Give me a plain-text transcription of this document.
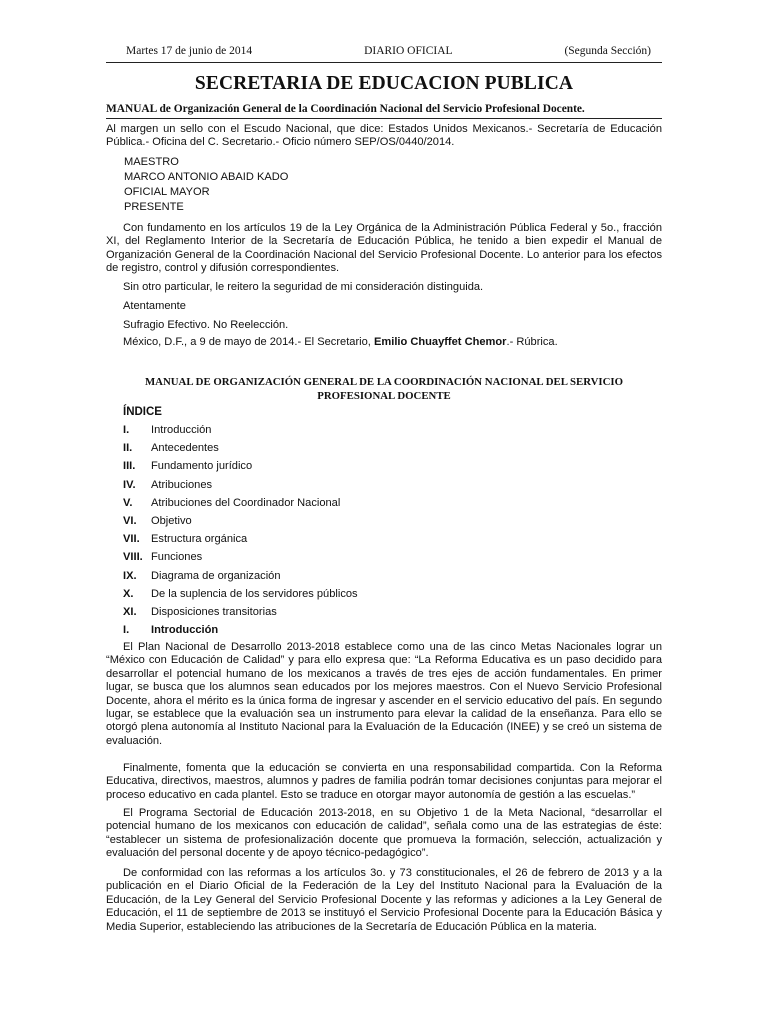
Martes 17 de junio de 2014	DIARIO OFICIAL	(Segunda Sección)
SECRETARIA DE EDUCACION PUBLICA
MANUAL de Organización General de la Coordinación Nacional del Servicio Profesional Docente.
Al margen un sello con el Escudo Nacional, que dice: Estados Unidos Mexicanos.- Secretaría de Educación Pública.- Oficina del C. Secretario.- Oficio número SEP/OS/0440/2014.
MAESTRO
MARCO ANTONIO ABAID KADO
OFICIAL MAYOR
PRESENTE
Con fundamento en los artículos 19 de la Ley Orgánica de la Administración Pública Federal y 5o., fracción XI, del Reglamento Interior de la Secretaría de Educación Pública, he tenido a bien expedir el Manual de Organización General de la Coordinación Nacional del Servicio Profesional Docente. Lo anterior para los efectos de registro, control y difusión correspondientes.
Sin otro particular, le reitero la seguridad de mi consideración distinguida.
Atentamente
Sufragio Efectivo. No Reelección.
México, D.F., a 9 de mayo de 2014.- El Secretario, Emilio Chuayffet Chemor.- Rúbrica.
MANUAL DE ORGANIZACIÓN GENERAL DE LA COORDINACIÓN NACIONAL DEL SERVICIO PROFESIONAL DOCENTE
ÍNDICE
I.	Introducción
II.	Antecedentes
III.	Fundamento jurídico
IV.	Atribuciones
V.	Atribuciones del Coordinador Nacional
VI.	Objetivo
VII.	Estructura orgánica
VIII. Funciones
IX.	Diagrama de organización
X.	De la suplencia de los servidores públicos
XI.	Disposiciones transitorias
I.	Introducción
El Plan Nacional de Desarrollo 2013-2018 establece como una de las cinco Metas Nacionales lograr un “México con Educación de Calidad” y para ello expresa que: “La Reforma Educativa es un paso decidido para desarrollar el potencial humano de los mexicanos a través de tres ejes de acción fundamentales. En primer lugar, se busca que los alumnos sean educados por los mejores maestros. Con el Nuevo Servicio Profesional Docente, ahora el mérito es la única forma de ingresar y ascender en el servicio educativo del país. En segundo lugar, se establece que la evaluación sea un instrumento para elevar la calidad de la enseñanza. Para ello se otorgó plena autonomía al Instituto Nacional para la Evaluación de la Educación (INEE) y se creó un sistema de evaluación.
Finalmente, fomenta que la educación se convierta en una responsabilidad compartida. Con la Reforma Educativa, directivos, maestros, alumnos y padres de familia podrán tomar decisiones conjuntas para mejorar el proceso educativo en cada plantel. Esto se traduce en otorgar mayor autonomía de gestión a las escuelas.”
El Programa Sectorial de Educación 2013-2018, en su Objetivo 1 de la Meta Nacional, “desarrollar el potencial humano de los mexicanos con educación de calidad”, señala como una de las estrategias de éste: “establecer un sistema de profesionalización docente que promueva la formación, selección, actualización y evaluación del personal docente y de apoyo técnico-pedagógico”.
De conformidad con las reformas a los artículos 3o. y 73 constitucionales, el 26 de febrero de 2013 y a la publicación en el Diario Oficial de la Federación de la Ley del Instituto Nacional para la Evaluación de la Educación, de la Ley General del Servicio Profesional Docente y las reformas y adiciones a la Ley General de Educación, el 11 de septiembre de 2013 se instituyó el Servicio Profesional Docente para la Educación Básica y Media Superior, estableciendo las atribuciones de la Secretaría de Educación Pública en la materia.
